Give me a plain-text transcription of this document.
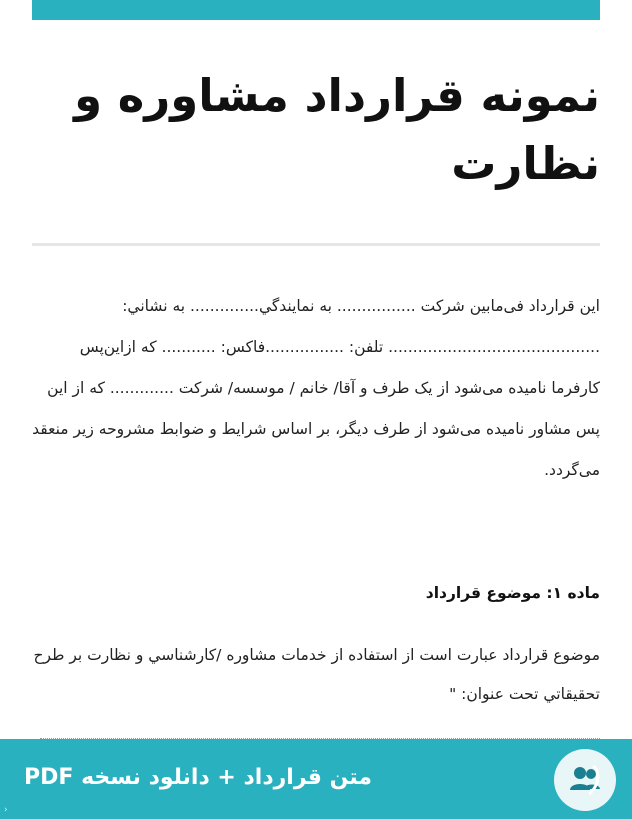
نمونه قرارداد مشاوره و نظارت

این قرارداد فی‌مابین شرکت ................ به نمایندگي.............. به نشاني: ........................................... تلفن: ................فاکس: ........... که ازاین‌پس کارفرما نامیده می‌شود از یک طرف و آقا/ خانم / موسسه/ شرکت ............. که از این پس مشاور نامیده می‌شود از طرف دیگر، بر اساس شرایط و ضوابط مشروحه زیر منعقد می‌گردد.

ماده ۱: موضوع قرارداد

موضوع قرارداد عبارت است از استفاده از خدمات مشاوره /کارشناسي و نظارت بر طرح تحقیقاتي تحت عنوان: "

متن قرارداد + دانلود نسخه PDF
›
